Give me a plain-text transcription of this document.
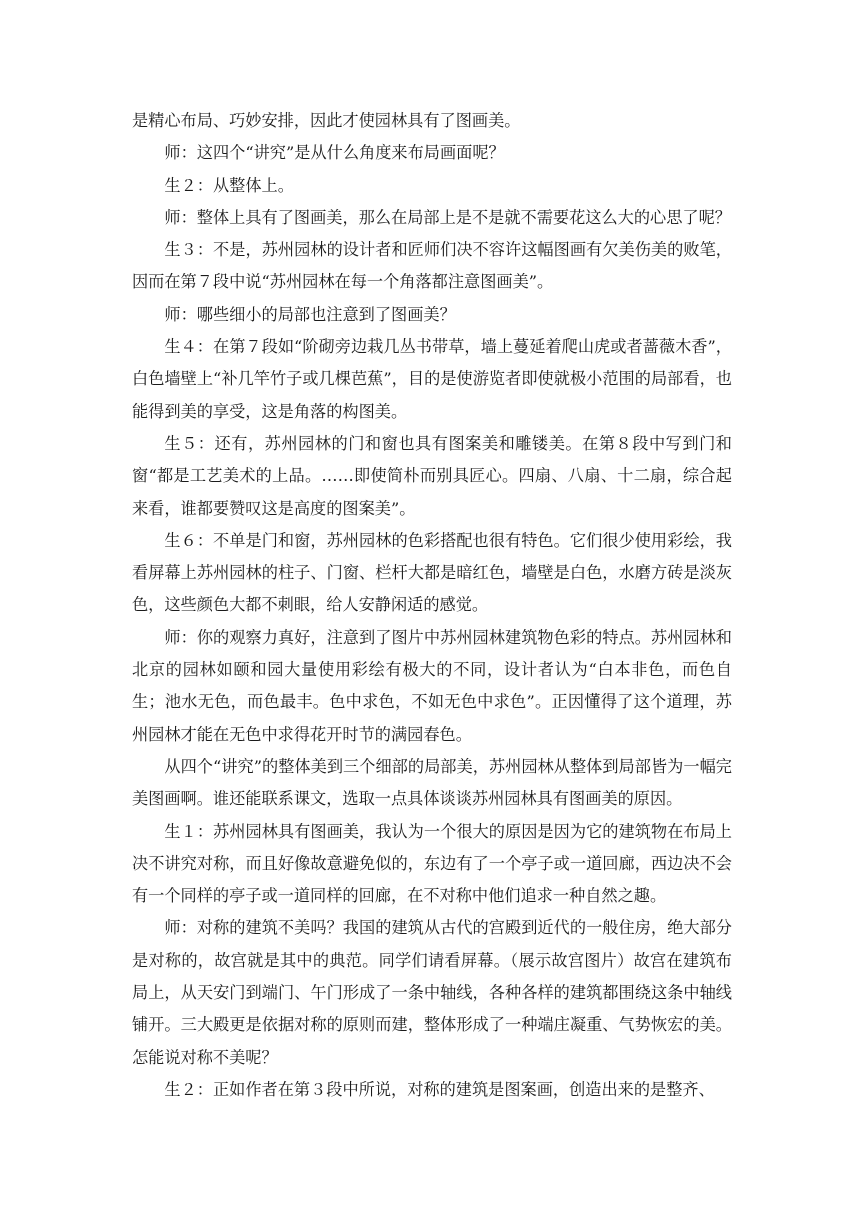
是精心布局、巧妙安排，因此才使园林具有了图画美。

师：这四个“讲究”是从什么角度来布局画面呢？

生２：从整体上。

师：整体上具有了图画美，那么在局部上是不是就不需要花这么大的心思了呢？

生３：不是，苏州园林的设计者和匠师们决不容许这幅图画有欠美伤美的败笔，因而在第７段中说“苏州园林在每一个角落都注意图画美”。

师：哪些细小的局部也注意到了图画美？

生４：在第７段如“阶砌旁边栽几丛书带草，墙上蔓延着爬山虎或者蔷薇木香”，白色墙壁上“补几竿竹子或几棵芭蕉”，目的是使游览者即使就极小范围的局部看，也能得到美的享受，这是角落的构图美。

生５：还有，苏州园林的门和窗也具有图案美和雕镂美。在第８段中写到门和窗“都是工艺美术的上品。……即使简朴而别具匠心。四扇、八扇、十二扇，综合起来看，谁都要赞叹这是高度的图案美”。

生６：不单是门和窗，苏州园林的色彩搭配也很有特色。它们很少使用彩绘，我看屏幕上苏州园林的柱子、门窗、栏杆大都是暗红色，墙壁是白色，水磨方砖是淡灰色，这些颜色大都不刺眼，给人安静闲适的感觉。

师：你的观察力真好，注意到了图片中苏州园林建筑物色彩的特点。苏州园林和北京的园林如颐和园大量使用彩绘有极大的不同，设计者认为“白本非色，而色自生；池水无色，而色最丰。色中求色，不如无色中求色”。正因懂得了这个道理，苏州园林才能在无色中求得花开时节的满园春色。

从四个“讲究”的整体美到三个细部的局部美，苏州园林从整体到局部皆为一幅完美图画啊。谁还能联系课文，选取一点具体谈谈苏州园林具有图画美的原因。

生１：苏州园林具有图画美，我认为一个很大的原因是因为它的建筑物在布局上决不讲究对称，而且好像故意避免似的，东边有了一个亭子或一道回廊，西边决不会有一个同样的亭子或一道同样的回廊，在不对称中他们追求一种自然之趣。

师：对称的建筑不美吗？我国的建筑从古代的宫殿到近代的一般住房，绝大部分是对称的，故宫就是其中的典范。同学们请看屏幕。（展示故宫图片）故宫在建筑布局上，从天安门到端门、午门形成了一条中轴线，各种各样的建筑都围绕这条中轴线铺开。三大殿更是依据对称的原则而建，整体形成了一种端庄凝重、气势恢宏的美。怎能说对称不美呢？

生２：正如作者在第３段中所说，对称的建筑是图案画，创造出来的是整齐、
